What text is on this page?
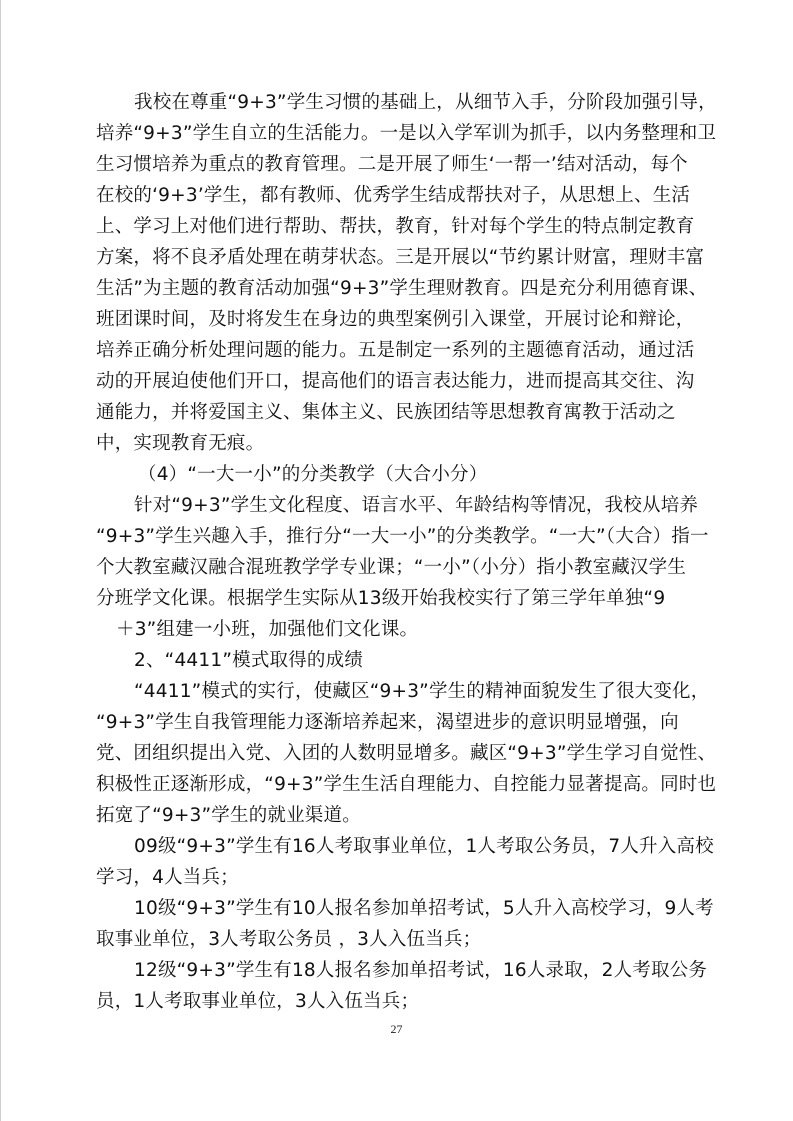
我校在尊重“9+3”学生习惯的基础上，从细节入手，分阶段加强引导，
培养“9+3”学生自立的生活能力。一是以入学军训为抓手，以内务整理和卫
生习惯培养为重点的教育管理。二是开展了师生‘一帮一’结对活动，每个
在校的‘9+3’学生，都有教师、优秀学生结成帮扶对子，从思想上、生活
上、学习上对他们进行帮助、帮扶，教育，针对每个学生的特点制定教育
方案，将不良矛盾处理在萌芽状态。三是开展以“节约累计财富，理财丰富
生活”为主题的教育活动加强“9+3”学生理财教育。四是充分利用德育课、
班团课时间，及时将发生在身边的典型案例引入课堂，开展讨论和辩论，
培养正确分析处理问题的能力。五是制定一系列的主题德育活动，通过活
动的开展迫使他们开口，提高他们的语言表达能力，进而提高其交往、沟
通能力，并将爱国主义、集体主义、民族团结等思想教育寓教于活动之
中，实现教育无痕。
（4）“一大一小”的分类教学（大合小分）
针对“9+3”学生文化程度、语言水平、年龄结构等情况，我校从培养
“9+3”学生兴趣入手，推行分“一大一小”的分类教学。“一大”（大合）指一
个大教室藏汉融合混班教学学专业课；“一小”（小分）指小教室藏汉学生
分班学文化课。根据学生实际从13级开始我校实行了第三学年单独“9
＋3”组建一小班，加强他们文化课。
2、“4411”模式取得的成绩
“4411”模式的实行，使藏区“9+3”学生的精神面貌发生了很大变化，
“9+3”学生自我管理能力逐渐培养起来，渴望进步的意识明显增强，向
党、团组织提出入党、入团的人数明显增多。藏区“9+3”学生学习自觉性、
积极性正逐渐形成，“9+3”学生生活自理能力、自控能力显著提高。同时也
拓宽了“9+3”学生的就业渠道。
09级“9+3”学生有16人考取事业单位，1人考取公务员，7人升入高校
学习，4人当兵；
10级“9+3”学生有10人报名参加单招考试，5人升入高校学习，9人考
取事业单位，3人考取公务员 ，3人入伍当兵；
12级“9+3”学生有18人报名参加单招考试，16人录取，2人考取公务
员，1人考取事业单位，3人入伍当兵；
27
